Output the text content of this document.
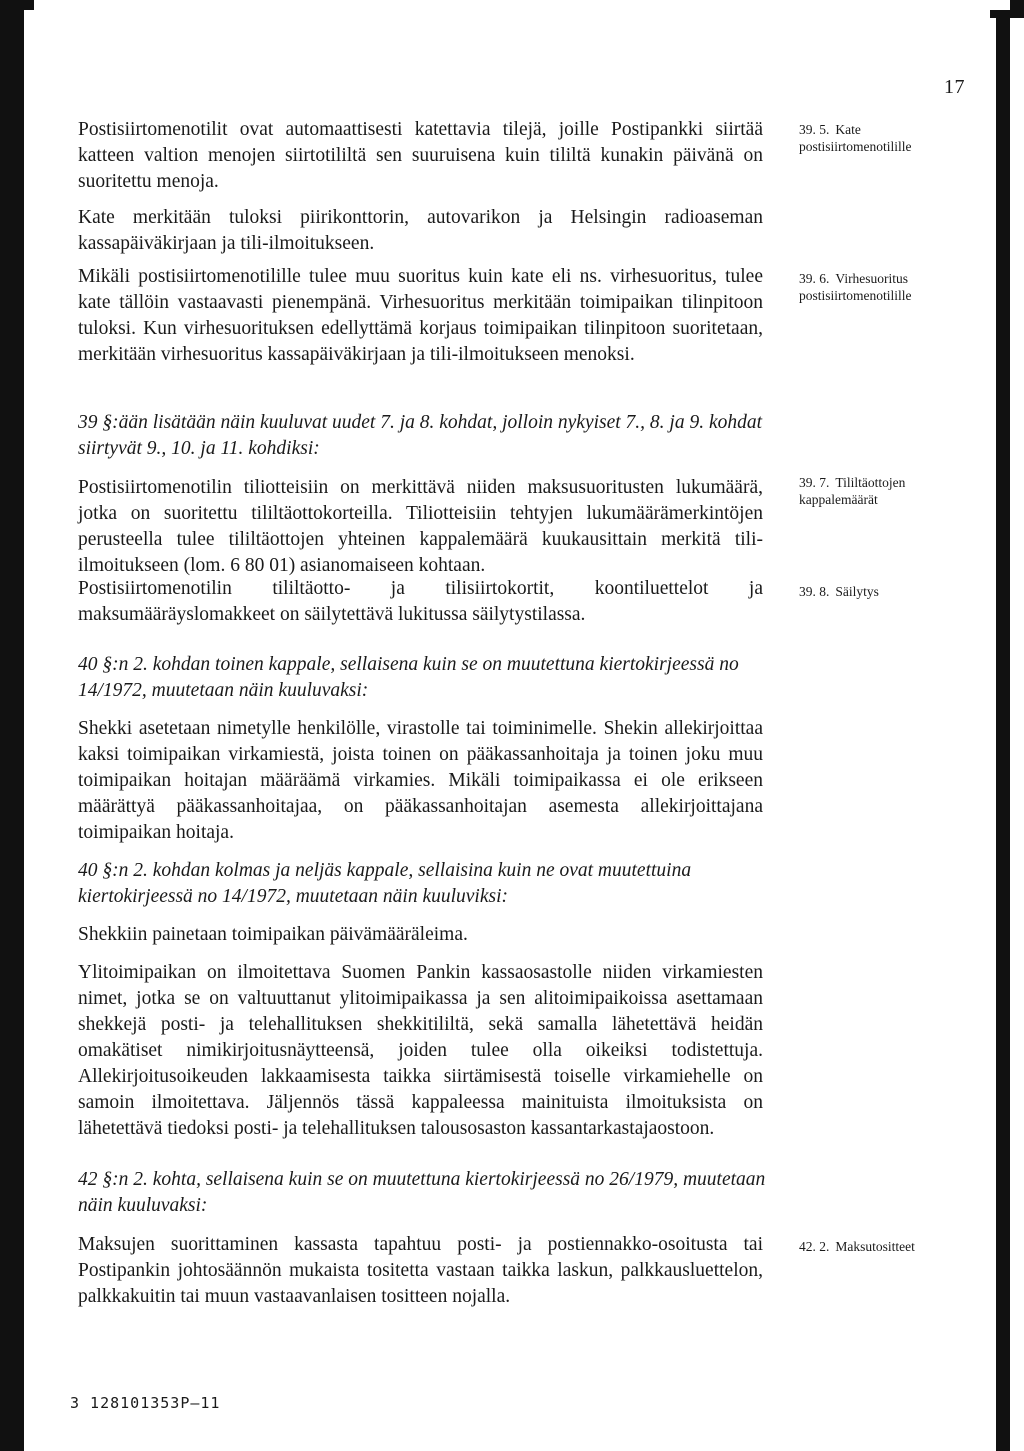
17

Postisiirtomenotilit ovat automaattisesti katettavia tilejä, joille Postipankki siirtää katteen valtion menojen siirtotililtä sen suuruisena kuin tililtä kunakin päivänä on suoritettu menoja.

Kate merkitään tuloksi piirikonttorin, autovarikon ja Helsingin radioaseman kassapäiväkirjaan ja tili-ilmoitukseen.

Mikäli postisiirtomenotilille tulee muu suoritus kuin kate eli ns. virhesuoritus, tulee kate tällöin vastaavasti pienempänä. Virhesuoritus merkitään toimipaikan tilinpitoon tuloksi. Kun virhesuorituksen edellyttämä korjaus toimipaikan tilinpitoon suoritetaan, merkitään virhesuoritus kassapäiväkirjaan ja tili-ilmoitukseen menoksi.

39 §:ään lisätään näin kuuluvat uudet 7. ja 8. kohdat, jolloin nykyiset 7., 8. ja 9. kohdat siirtyvät 9., 10. ja 11. kohdiksi:

Postisiirtomenotilin tiliotteisiin on merkittävä niiden maksusuoritusten lukumäärä, jotka on suoritettu tililtäottokorteilla. Tiliotteisiin tehtyjen lukumäärämerkintöjen perusteella tulee tililtäottojen yhteinen kappalemäärä kuukausittain merkitä tili-ilmoitukseen (lom. 6 80 01) asianomaiseen kohtaan.

Postisiirtomenotilin tililtäotto- ja tilisiirtokortit, koontiluettelot ja maksumääräyslomakkeet on säilytettävä lukitussa säilytystilassa.

40 §:n 2. kohdan toinen kappale, sellaisena kuin se on muutettuna kiertokirjeessä no 14/1972, muutetaan näin kuuluvaksi:

Shekki asetetaan nimetylle henkilölle, virastolle tai toiminimelle. Shekin allekirjoittaa kaksi toimipaikan virkamiestä, joista toinen on pääkassanhoitaja ja toinen joku muu toimipaikan hoitajan määräämä virkamies. Mikäli toimipaikassa ei ole erikseen määrättyä pääkassanhoitajaa, on pääkassanhoitajan asemesta allekirjoittajana toimipaikan hoitaja.

40 §:n 2. kohdan kolmas ja neljäs kappale, sellaisina kuin ne ovat muutettuina kiertokirjeessä no 14/1972, muutetaan näin kuuluviksi:

Shekkiin painetaan toimipaikan päivämääräleima.

Ylitoimipaikan on ilmoitettava Suomen Pankin kassaosastolle niiden virkamiesten nimet, jotka se on valtuuttanut ylitoimipaikassa ja sen alitoimipaikoissa asettamaan shekkejä posti- ja telehallituksen shekkitililtä, sekä samalla lähetettävä heidän omakätiset nimikirjoitusnäytteensä, joiden tulee olla oikeiksi todistettuja. Allekirjoitusoikeuden lakkaamisesta taikka siirtämisestä toiselle virkamiehelle on samoin ilmoitettava. Jäljennös tässä kappaleessa mainituista ilmoituksista on lähetettävä tiedoksi posti- ja telehallituksen talousosaston kassantarkastajaostoon.

42 §:n 2. kohta, sellaisena kuin se on muutettuna kiertokirjeessä no 26/1979, muutetaan näin kuuluvaksi:

Maksujen suorittaminen kassasta tapahtuu posti- ja postiennakko-osoitusta tai Postipankin johtosäännön mukaista tositetta vastaan taikka laskun, palkkausluettelon, palkkakuitin tai muun vastaavanlaisen tositteen nojalla.

39. 5. Kate postisiirtomenotilille
39. 6. Virhesuoritus postisiirtomenotilille
39. 7. Tililtäottojen kappalemäärät
39. 8. Säilytys
42. 2. Maksutositteet
3 128101353P—11
